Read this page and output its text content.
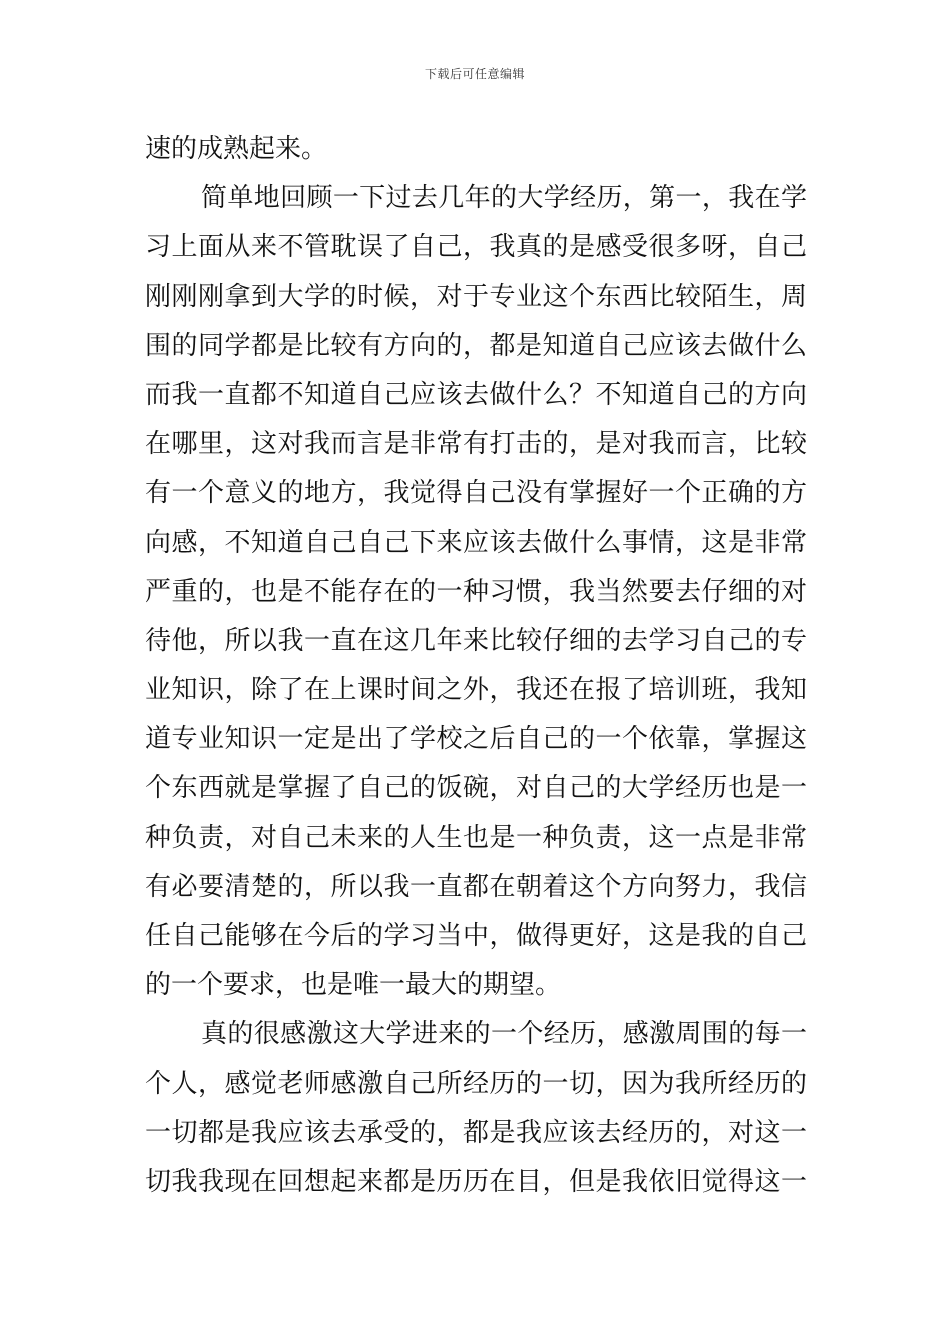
下载后可任意编辑
速的成熟起来。
简单地回顾一下过去几年的大学经历，第一，我在学
习上面从来不管耽误了自己，我真的是感受很多呀，自己
刚刚刚拿到大学的时候，对于专业这个东西比较陌生，周
围的同学都是比较有方向的，都是知道自己应该去做什么
而我一直都不知道自己应该去做什么？不知道自己的方向
在哪里，这对我而言是非常有打击的，是对我而言，比较
有一个意义的地方，我觉得自己没有掌握好一个正确的方
向感，不知道自己自己下来应该去做什么事情，这是非常
严重的，也是不能存在的一种习惯，我当然要去仔细的对
待他，所以我一直在这几年来比较仔细的去学习自己的专
业知识，除了在上课时间之外，我还在报了培训班，我知
道专业知识一定是出了学校之后自己的一个依靠，掌握这
个东西就是掌握了自己的饭碗，对自己的大学经历也是一
种负责，对自己未来的人生也是一种负责，这一点是非常
有必要清楚的，所以我一直都在朝着这个方向努力，我信
任自己能够在今后的学习当中，做得更好，这是我的自己
的一个要求，也是唯一最大的期望。
真的很感激这大学进来的一个经历，感激周围的每一
个人，感觉老师感激自己所经历的一切，因为我所经历的
一切都是我应该去承受的，都是我应该去经历的，对这一
切我我现在回想起来都是历历在目，但是我依旧觉得这一
